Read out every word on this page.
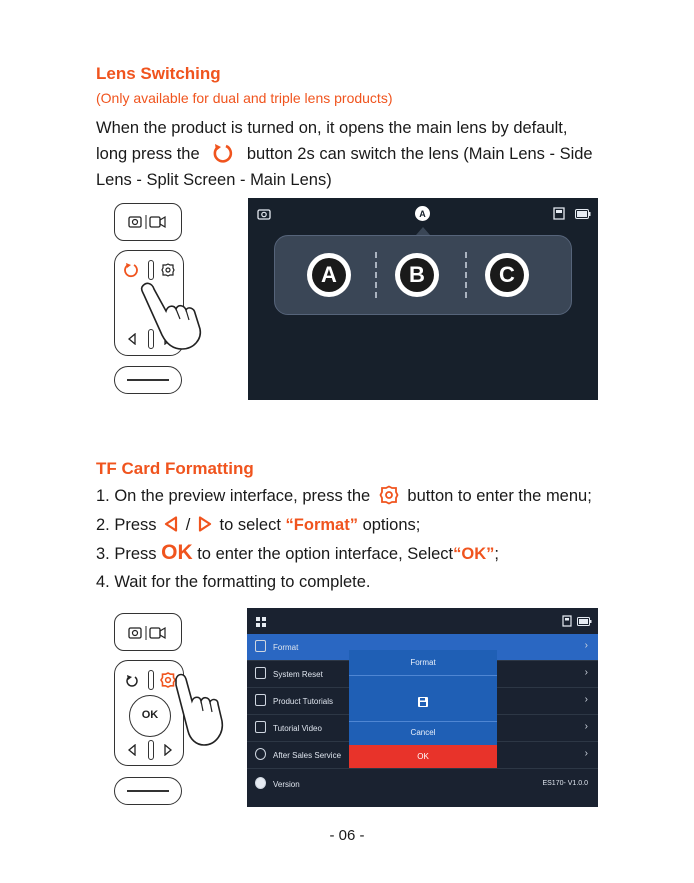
Lens Switching
(Only available for dual and triple lens products)
When the product is turned on, it opens the main lens by default,
long press the	button 2s can switch the lens (Main Lens - Side
Lens - Split Screen - Main Lens)
A
A	B	C
TF Card Formatting
1. On the preview interface, press the button to enter the menu;
2. Press / to select “Format” options;
3. Press OK to enter the option interface, Select“OK”;
4. Wait for the formatting to complete.
OK
Format	›
System Reset	›
Product Tutorials	›
Tutorial Video	›
After Sales Service	›
Version	ES170- V1.0.0
Format
Cancel
OK
- 06 -
